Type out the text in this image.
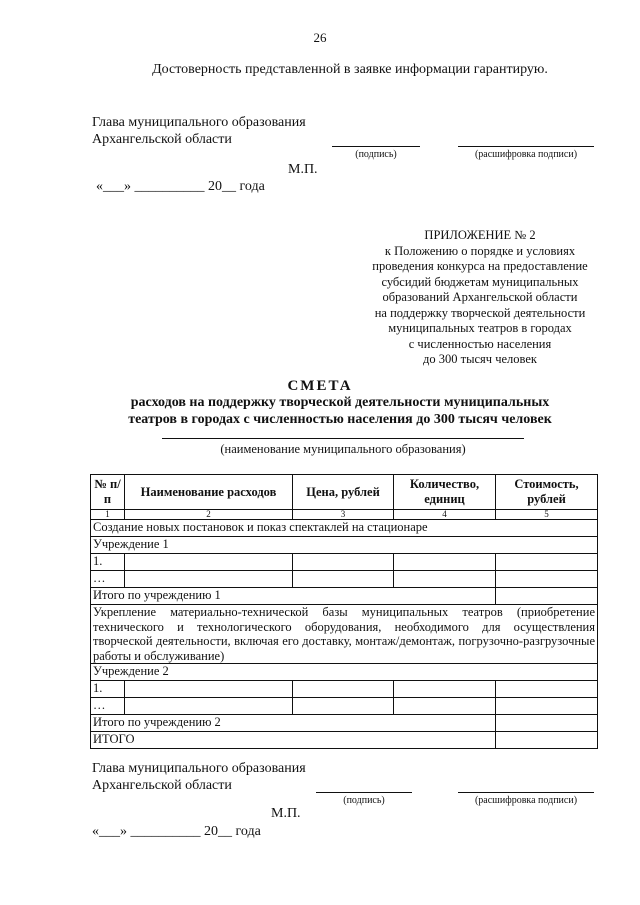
26
Достоверность представленной в заявке информации гарантирую.
Глава муниципального образования
Архангельской области
(подпись)	(расшифровка подписи)
М.П.
«___» __________ 20__ года
ПРИЛОЖЕНИЕ № 2
к Положению о порядке и условиях
проведения конкурса на предоставление
субсидий бюджетам муниципальных
образований Архангельской области
на поддержку творческой деятельности
муниципальных театров в городах
с численностью населения
до 300 тысяч человек
СМЕТА
расходов на поддержку творческой деятельности муниципальных
театров в городах с численностью населения до 300 тысяч человек
(наименование муниципального образования)
№ п/п	Наименование расходов	Цена, рублей	Количество, единиц	Стоимость, рублей
1	2	3	4	5
Создание новых постановок и показ спектаклей на стационаре				
Учреждение 1				
1.				
…				
Итого по учреждению 1				
Укрепление материально-технической базы муниципальных театров (приобретение технического и технологического оборудования, необходимого для осуществления творческой деятельности, включая его доставку, монтаж/демонтаж, погрузочно-разгрузочные работы и обслуживание)				
Учреждение 2				
1.				
…				
Итого по учреждению 2				
ИТОГО				
Глава муниципального образования
Архангельской области
(подпись)	(расшифровка подписи)
М.П.
«___» __________ 20__ года
